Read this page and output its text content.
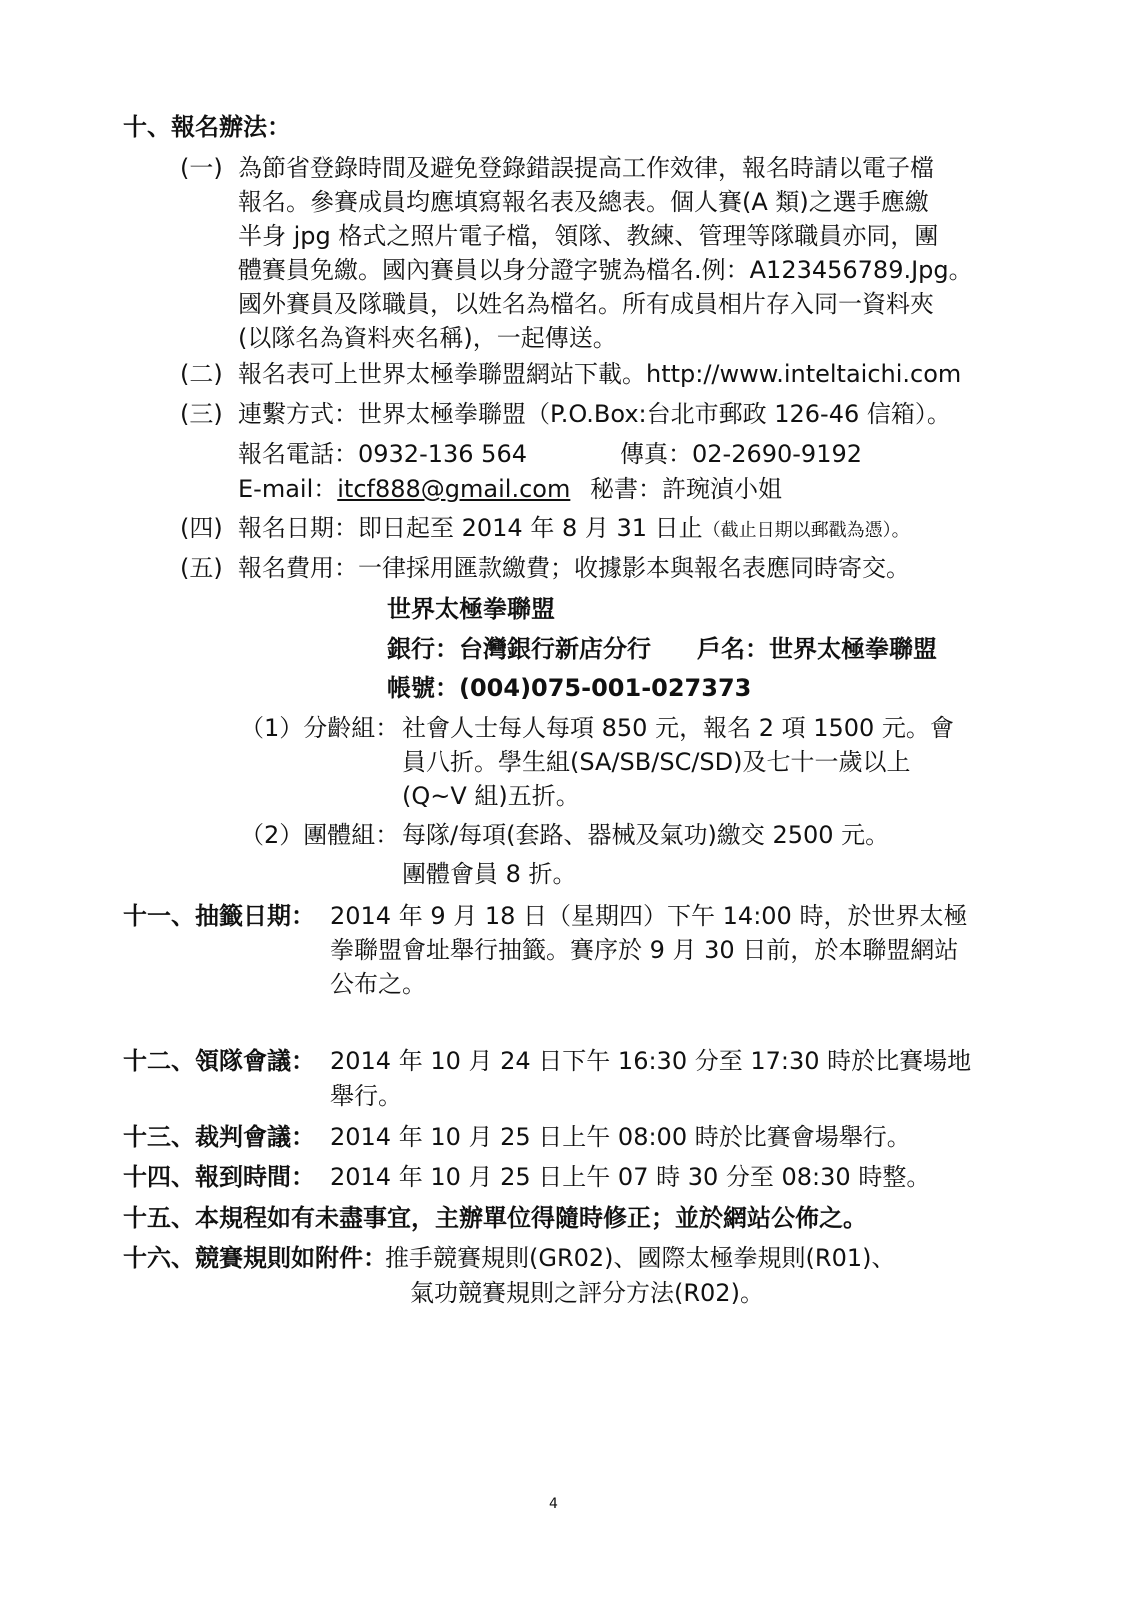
十、報名辦法：
(一) 為節省登錄時間及避免登錄錯誤提高工作效律，報名時請以電子檔
報名。參賽成員均應填寫報名表及總表。個人賽(A 類)之選手應繳
半身 jpg 格式之照片電子檔，領隊、教練、管理等隊職員亦同，團
體賽員免繳。國內賽員以身分證字號為檔名.例：A123456789.Jpg。
國外賽員及隊職員，以姓名為檔名。所有成員相片存入同一資料夾
(以隊名為資料夾名稱)，一起傳送。
(二) 報名表可上世界太極拳聯盟網站下載。http://www.inteltaichi.com
(三) 連繫方式：世界太極拳聯盟（P.O.Box:台北市郵政 126-46 信箱）。
報名電話：0932-136 564	傳真：02-2690-9192
E-mail：itcf888@gmail.com 秘書：許琬湞小姐
(四) 報名日期：即日起至 2014 年 8 月 31 日止（截止日期以郵戳為憑）。
(五) 報名費用：一律採用匯款繳費；收據影本與報名表應同時寄交。
世界太極拳聯盟
銀行：台灣銀行新店分行 戶名：世界太極拳聯盟
帳號：(004)075-001-027373
（1）分齡組： 社會人士每人每項 850 元，報名 2 項 1500 元。會
員八折。學生組(SA/SB/SC/SD)及七十一歲以上
(Q~V 組)五折。
（2）團體組： 每隊/每項(套路、器械及氣功)繳交 2500 元。
團體會員 8 折。
十一、抽籤日期： 2014 年 9 月 18 日（星期四）下午 14:00 時，於世界太極
拳聯盟會址舉行抽籤。賽序於 9 月 30 日前，於本聯盟網站
公布之。
十二、領隊會議： 2014 年 10 月 24 日下午 16:30 分至 17:30 時於比賽場地
舉行。
十三、裁判會議： 2014 年 10 月 25 日上午 08:00 時於比賽會場舉行。
十四、報到時間： 2014 年 10 月 25 日上午 07 時 30 分至 08:30 時整。
十五、本規程如有未盡事宜，主辦單位得隨時修正；並於網站公佈之。
十六、競賽規則如附件：
推手競賽規則(GR02)、國際太極拳規則(R01)、
氣功競賽規則之評分方法(R02)。
4
